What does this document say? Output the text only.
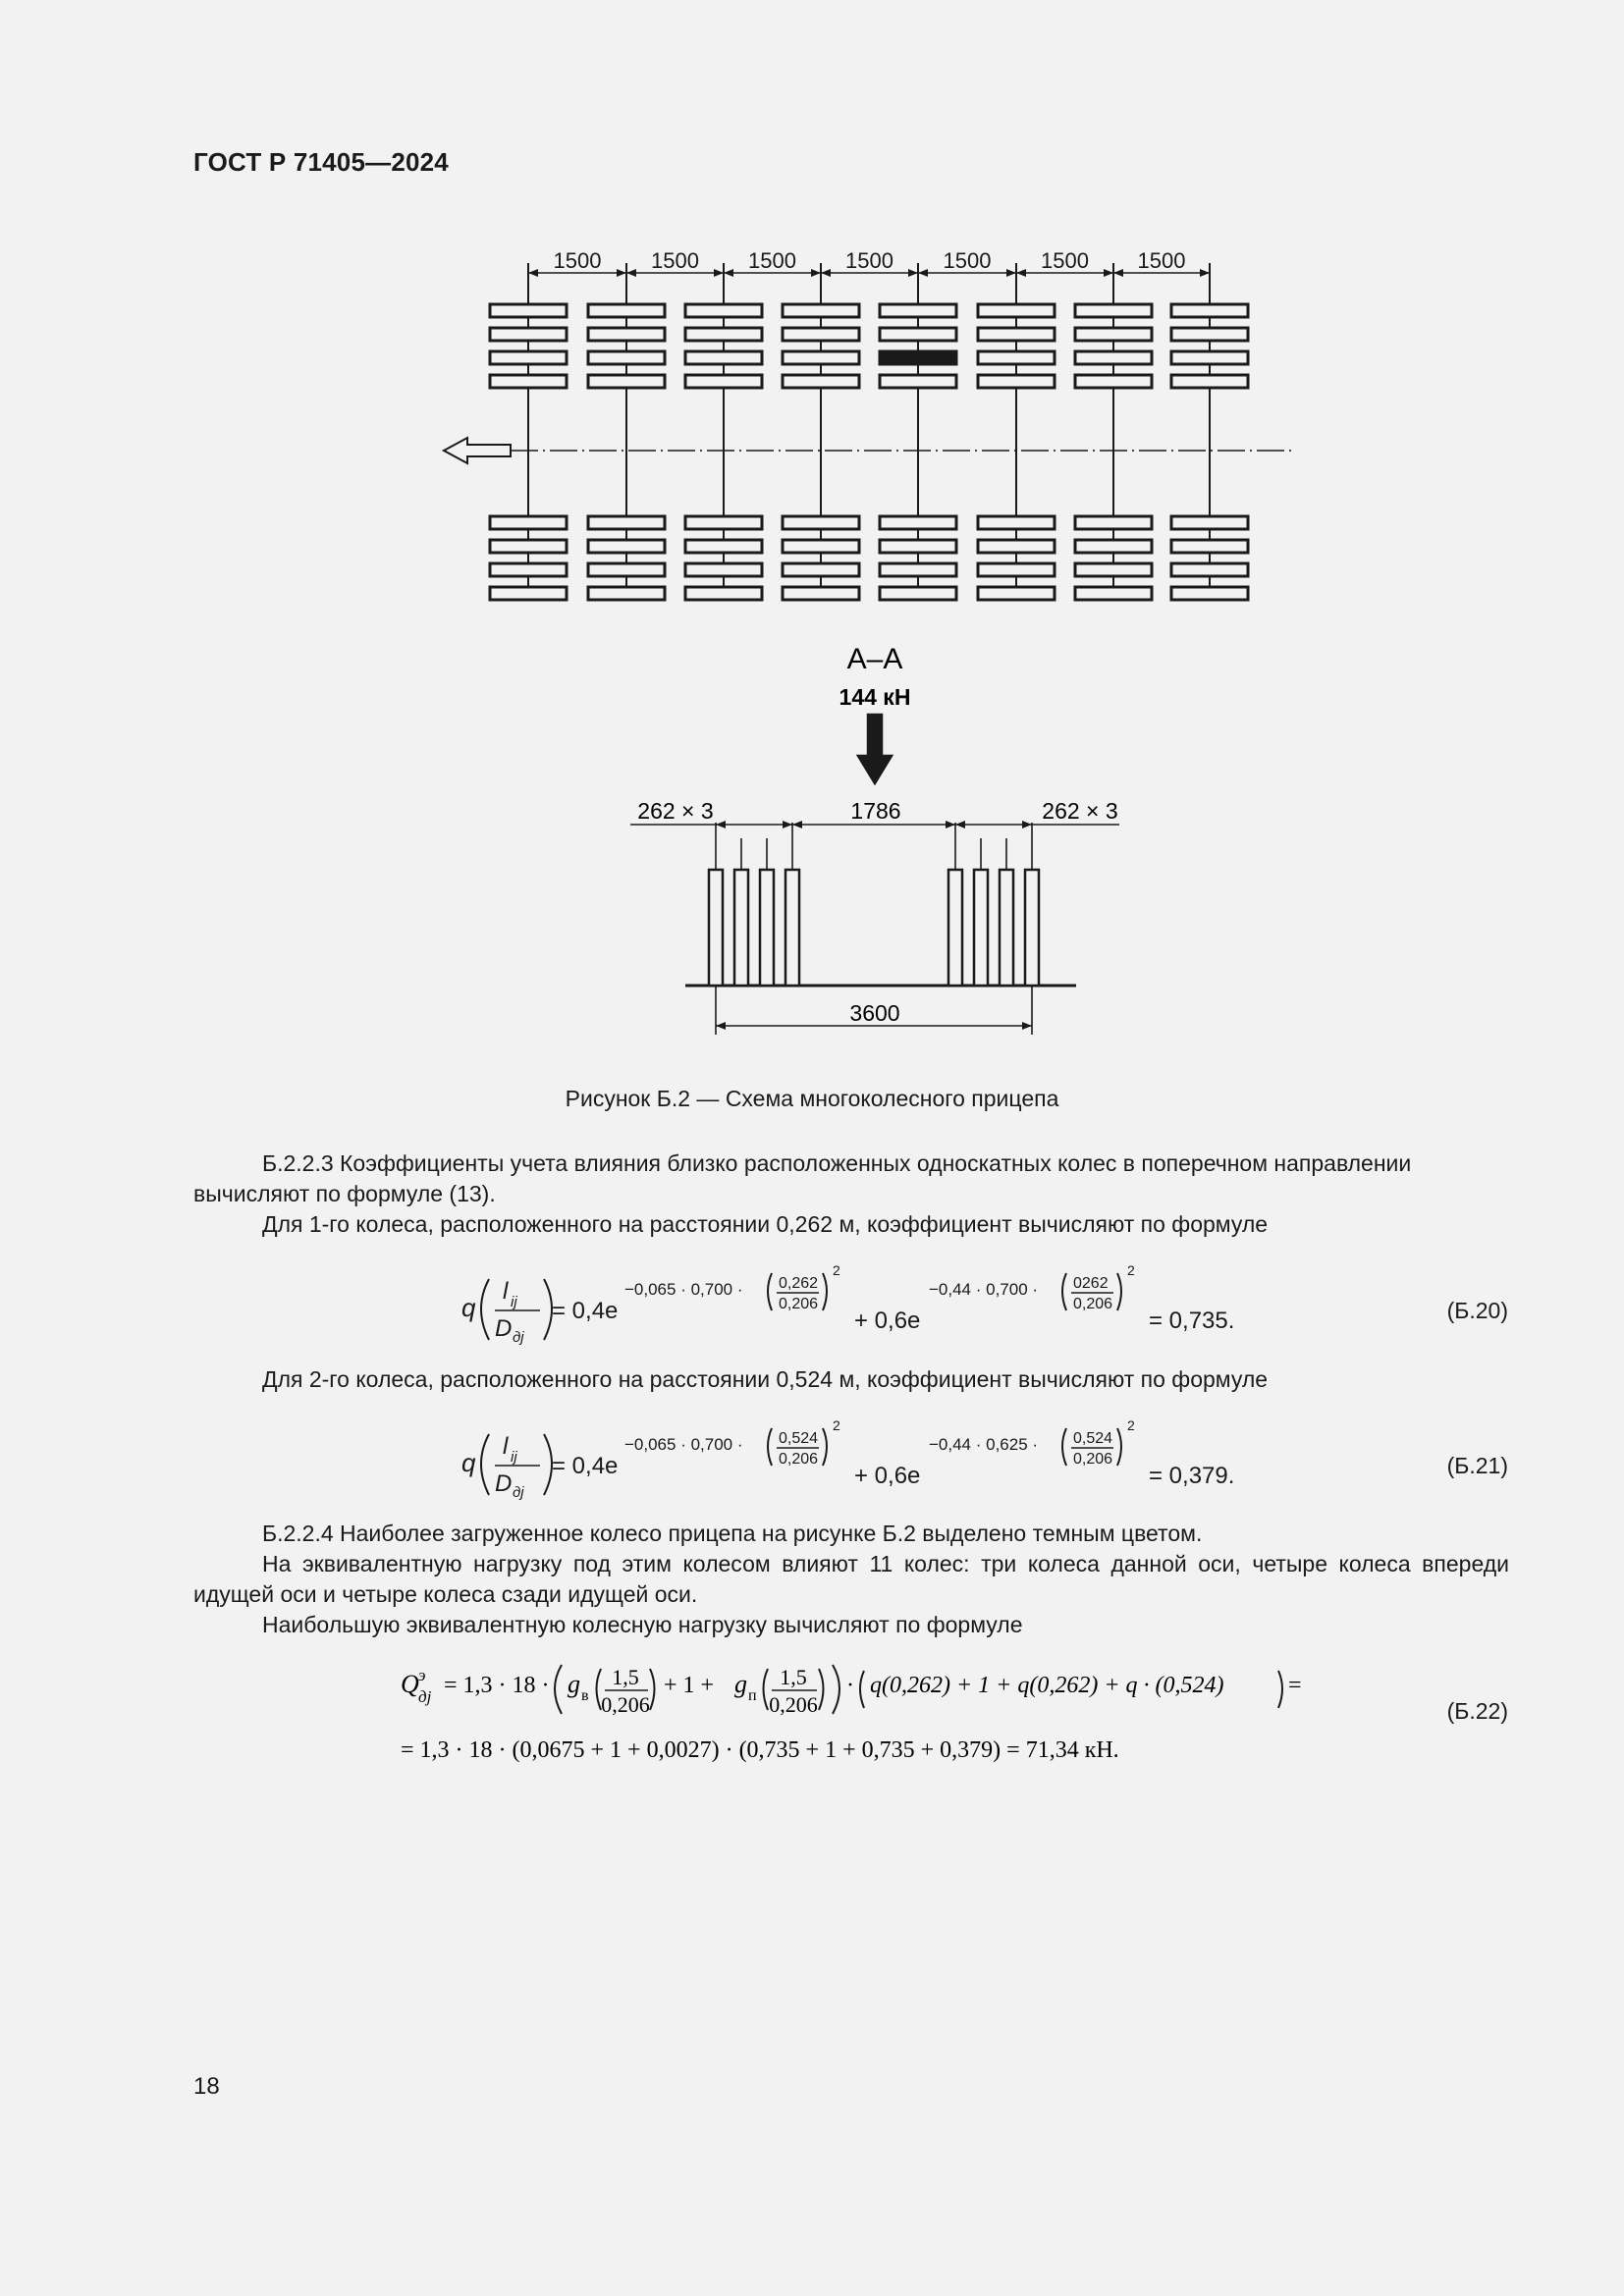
ГОСТ Р 71405—2024
1500 1500 1500 1500 1500 1500 1500
А–А
144 кН
262 × 3	1786	262 × 3
3600
Рисунок Б.2 — Схема многоколесного прицепа
Б.2.2.3 Коэффициенты учета влияния близко расположенных односкатных колес в поперечном направлении вычисляют по формуле (13).
Для 1-го колеса, расположенного на расстоянии 0,262 м, коэффициент вычисляют по формуле
q
l ij
D дj
= 0,4e
−0,065 · 0,700 · 0,262
0,206
2
+ 0,6e
−0,44 · 0,700 · 0262
0,206
2
= 0,735.	(Б.20)
Для 2-го колеса, расположенного на расстоянии 0,524 м, коэффициент вычисляют по формуле
q
l ij
D дj
= 0,4e
−0,065 · 0,700 · 0,524
0,206
2
+ 0,6e
−0,44 · 0,625 · 0,524
0,206
2
= 0,379.	(Б.21)
Б.2.2.4 Наиболее загруженное колесо прицепа на рисунке Б.2 выделено темным цветом.
На эквивалентную нагрузку под этим колесом влияют 11 колес: три колеса данной оси, четыре колеса впереди идущей оси и четыре колеса сзади идущей оси.
Наибольшую эквивалентную колесную нагрузку вычисляют по формуле
Q э
дj = 1,3 · 18 · g в
1,5
0,206
+ 1 + g п
1,5
0,206
· q(0,262) + 1 + q(0,262) + q · (0,524)	=
= 1,3 · 18 · (0,0675 + 1 + 0,0027) · (0,735 + 1 + 0,735 + 0,379) = 71,34 кН.
(Б.22)
18
